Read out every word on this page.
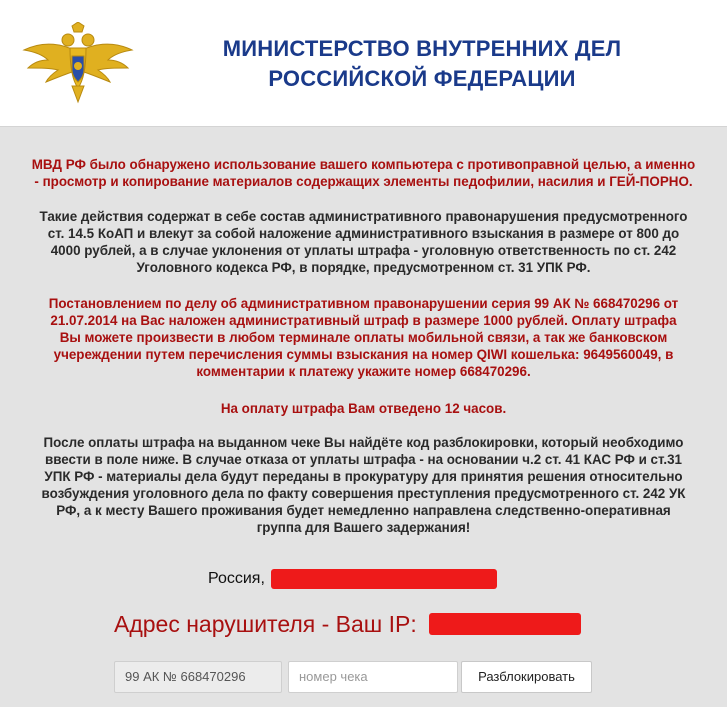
МИНИСТЕРСТВО ВНУТРЕННИХ ДЕЛ
РОССИЙСКОЙ ФЕДЕРАЦИИ
МВД РФ было обнаружено использование вашего компьютера с противоправной целью, а именно
- просмотр и копирование материалов содержащих элементы педофилии, насилия и ГЕЙ-ПОРНО.
Такие действия содержат в себе состав административного правонарушения предусмотренного
ст. 14.5 КоАП и влекут за собой наложение административного взыскания в размере от 800 до
4000 рублей, а в случае уклонения от уплаты штрафа - уголовную ответственность по ст. 242
Уголовного кодекса РФ, в порядке, предусмотренном ст. 31 УПК РФ.
Постановлением по делу об административном правонарушении серия 99 АК № 668470296 от
21.07.2014 на Вас наложен административный штраф в размере 1000 рублей. Оплату штрафа
Вы можете произвести в любом терминале оплаты мобильной связи, а так же банковском
учереждении путем перечисления суммы взыскания на номер QIWI кошелька: 9649560049, в
комментарии к платежу укажите номер 668470296.
На оплату штрафа Вам отведено 12 часов.
После оплаты штрафа на выданном чеке Вы найдёте код разблокировки, который необходимо
ввести в поле ниже. В случае отказа от уплаты штрафа - на основании ч.2 ст. 41 КАС РФ и ст.31
УПК РФ - материалы дела будут переданы в прокуратуру для принятия решения относительно
возбуждения уголовного дела по факту совершения преступления предусмотренного ст. 242 УК
РФ, а к месту Вашего проживания будет немедленно направлена следственно-оперативная
группа для Вашего задержания!
Россия,
Адрес нарушителя - Ваш IP:
99 АК № 668470296	номер чека	Разблокировать
